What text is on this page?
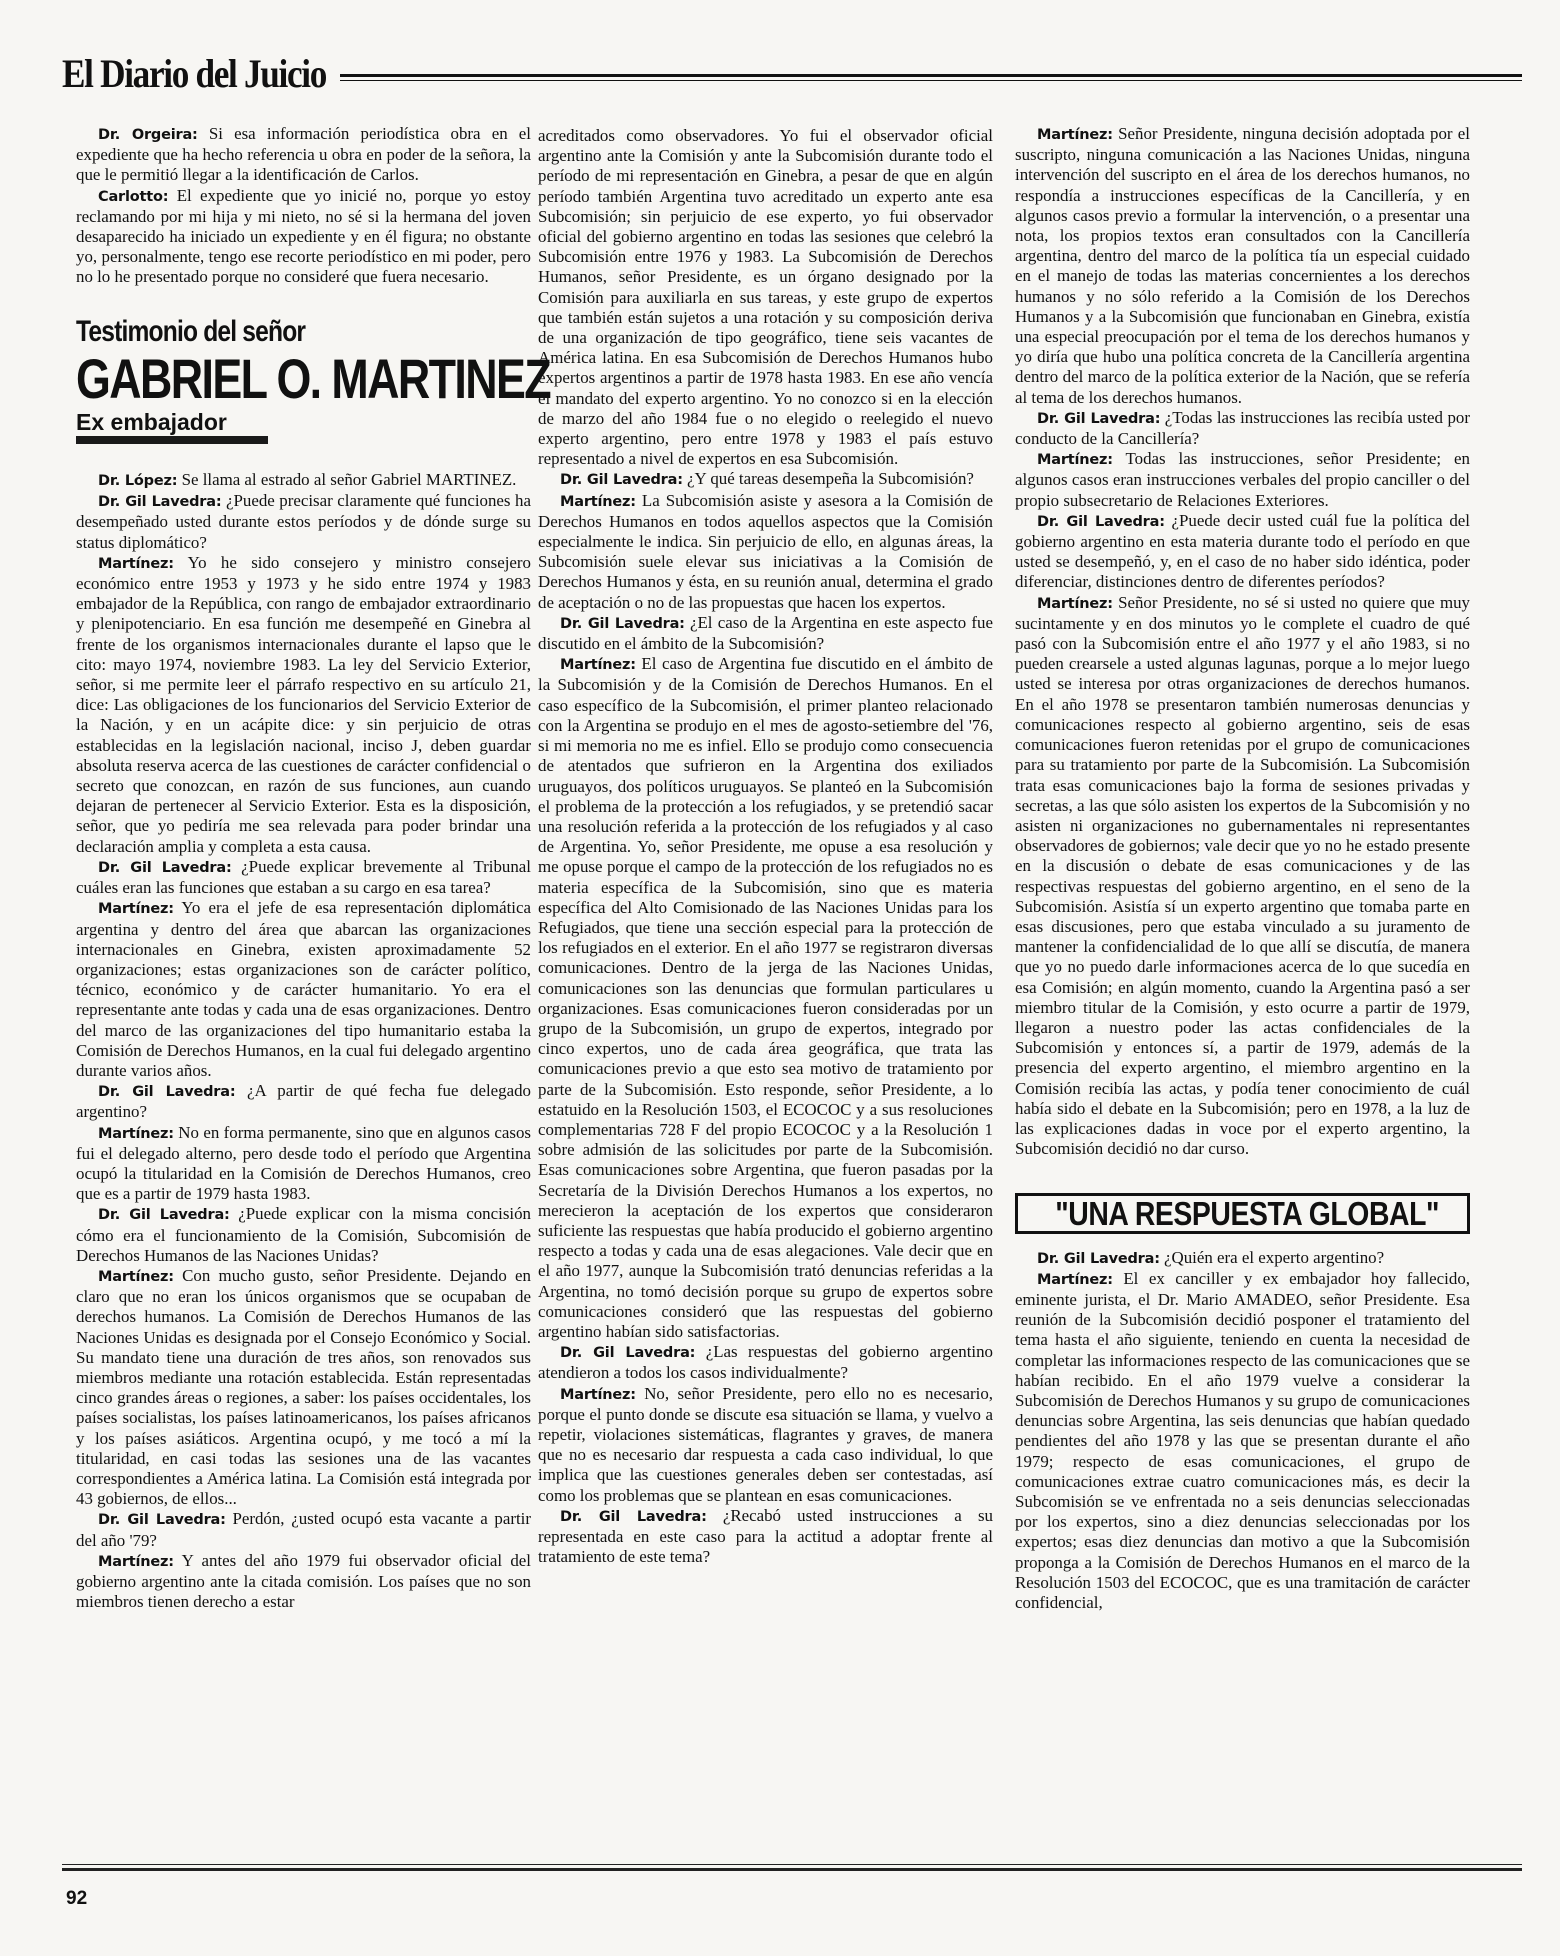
El Diario del Juicio

Dr. Orgeira: Si esa información periodística obra en el expediente que ha hecho referencia u obra en poder de la señora, la que le permitió llegar a la identificación de Carlos.

Carlotto: El expediente que yo inicié no, porque yo estoy reclamando por mi hija y mi nieto, no sé si la hermana del joven desaparecido ha iniciado un expediente y en él figura; no obstante yo, personalmente, tengo ese recorte periodístico en mi poder, pero no lo he presentado porque no consideré que fuera necesario.

Testimonio del señor
GABRIEL O. MARTINEZ
Ex embajador

Dr. López: Se llama al estrado al señor Gabriel MARTINEZ.

Dr. Gil Lavedra: ¿Puede precisar claramente qué funciones ha desempeñado usted durante estos períodos y de dónde surge su status diplomático?

Martínez: Yo he sido consejero y ministro consejero económico entre 1953 y 1973 y he sido entre 1974 y 1983 embajador de la República, con rango de embajador extraordinario y plenipotenciario. En esa función me desempeñé en Ginebra al frente de los organismos internacionales durante el lapso que le cito: mayo 1974, noviembre 1983. La ley del Servicio Exterior, señor, si me permite leer el párrafo respectivo en su artículo 21, dice: Las obligaciones de los funcionarios del Servicio Exterior de la Nación, y en un acápite dice: y sin perjuicio de otras establecidas en la legislación nacional, inciso J, deben guardar absoluta reserva acerca de las cuestiones de carácter confidencial o secreto que conozcan, en razón de sus funciones, aun cuando dejaran de pertenecer al Servicio Exterior. Esta es la disposición, señor, que yo pediría me sea relevada para poder brindar una declaración amplia y completa a esta causa.

Dr. Gil Lavedra: ¿Puede explicar brevemente al Tribunal cuáles eran las funciones que estaban a su cargo en esa tarea?

Martínez: Yo era el jefe de esa representación diplomática argentina y dentro del área que abarcan las organizaciones internacionales en Ginebra, existen aproximadamente 52 organizaciones; estas organizaciones son de carácter político, técnico, económico y de carácter humanitario. Yo era el representante ante todas y cada una de esas organizaciones. Dentro del marco de las organizaciones del tipo humanitario estaba la Comisión de Derechos Humanos, en la cual fui delegado argentino durante varios años.

Dr. Gil Lavedra: ¿A partir de qué fecha fue delegado argentino?

Martínez: No en forma permanente, sino que en algunos casos fui el delegado alterno, pero desde todo el período que Argentina ocupó la titularidad en la Comisión de Derechos Humanos, creo que es a partir de 1979 hasta 1983.

Dr. Gil Lavedra: ¿Puede explicar con la misma concisión cómo era el funcionamiento de la Comisión, Subcomisión de Derechos Humanos de las Naciones Unidas?

Martínez: Con mucho gusto, señor Presidente. Dejando en claro que no eran los únicos organismos que se ocupaban de derechos humanos. La Comisión de Derechos Humanos de las Naciones Unidas es designada por el Consejo Económico y Social. Su mandato tiene una duración de tres años, son renovados sus miembros mediante una rotación establecida. Están representadas cinco grandes áreas o regiones, a saber: los países occidentales, los países socialistas, los países latinoamericanos, los países africanos y los países asiáticos. Argentina ocupó, y me tocó a mí la titularidad, en casi todas las sesiones una de las vacantes correspondientes a América latina. La Comisión está integrada por 43 gobiernos, de ellos...

Dr. Gil Lavedra: Perdón, ¿usted ocupó esta vacante a partir del año '79?

Martínez: Y antes del año 1979 fui observador oficial del gobierno argentino ante la citada comisión. Los países que no son miembros tienen derecho a estar

acreditados como observadores. Yo fui el observador oficial argentino ante la Comisión y ante la Subcomisión durante todo el período de mi representación en Ginebra, a pesar de que en algún período también Argentina tuvo acreditado un experto ante esa Subcomisión; sin perjuicio de ese experto, yo fui observador oficial del gobierno argentino en todas las sesiones que celebró la Subcomisión entre 1976 y 1983. La Subcomisión de Derechos Humanos, señor Presidente, es un órgano designado por la Comisión para auxiliarla en sus tareas, y este grupo de expertos que también están sujetos a una rotación y su composición deriva de una organización de tipo geográfico, tiene seis vacantes de América latina. En esa Subcomisión de Derechos Humanos hubo expertos argentinos a partir de 1978 hasta 1983. En ese año vencía el mandato del experto argentino. Yo no conozco si en la elección de marzo del año 1984 fue o no elegido o reelegido el nuevo experto argentino, pero entre 1978 y 1983 el país estuvo representado a nivel de expertos en esa Subcomisión.

Dr. Gil Lavedra: ¿Y qué tareas desempeña la Subcomisión?

Martínez: La Subcomisión asiste y asesora a la Comisión de Derechos Humanos en todos aquellos aspectos que la Comisión especialmente le indica. Sin perjuicio de ello, en algunas áreas, la Subcomisión suele elevar sus iniciativas a la Comisión de Derechos Humanos y ésta, en su reunión anual, determina el grado de aceptación o no de las propuestas que hacen los expertos.

Dr. Gil Lavedra: ¿El caso de la Argentina en este aspecto fue discutido en el ámbito de la Subcomisión?

Martínez: El caso de Argentina fue discutido en el ámbito de la Subcomisión y de la Comisión de Derechos Humanos. En el caso específico de la Subcomisión, el primer planteo relacionado con la Argentina se produjo en el mes de agosto-setiembre del '76, si mi memoria no me es infiel. Ello se produjo como consecuencia de atentados que sufrieron en la Argentina dos exiliados uruguayos, dos políticos uruguayos. Se planteó en la Subcomisión el problema de la protección a los refugiados, y se pretendió sacar una resolución referida a la protección de los refugiados y al caso de Argentina. Yo, señor Presidente, me opuse a esa resolución y me opuse porque el campo de la protección de los refugiados no es materia específica de la Subcomisión, sino que es materia específica del Alto Comisionado de las Naciones Unidas para los Refugiados, que tiene una sección especial para la protección de los refugiados en el exterior. En el año 1977 se registraron diversas comunicaciones. Dentro de la jerga de las Naciones Unidas, comunicaciones son las denuncias que formulan particulares u organizaciones. Esas comunicaciones fueron consideradas por un grupo de la Subcomisión, un grupo de expertos, integrado por cinco expertos, uno de cada área geográfica, que trata las comunicaciones previo a que esto sea motivo de tratamiento por parte de la Subcomisión. Esto responde, señor Presidente, a lo estatuido en la Resolución 1503, el ECOCOC y a sus resoluciones complementarias 728 F del propio ECOCOC y a la Resolución 1 sobre admisión de las solicitudes por parte de la Subcomisión. Esas comunicaciones sobre Argentina, que fueron pasadas por la Secretaría de la División Derechos Humanos a los expertos, no merecieron la aceptación de los expertos que consideraron suficiente las respuestas que había producido el gobierno argentino respecto a todas y cada una de esas alegaciones. Vale decir que en el año 1977, aunque la Subcomisión trató denuncias referidas a la Argentina, no tomó decisión porque su grupo de expertos sobre comunicaciones consideró que las respuestas del gobierno argentino habían sido satisfactorias.

Dr. Gil Lavedra: ¿Las respuestas del gobierno argentino atendieron a todos los casos individualmente?

Martínez: No, señor Presidente, pero ello no es necesario, porque el punto donde se discute esa situación se llama, y vuelvo a repetir, violaciones sistemáticas, flagrantes y graves, de manera que no es necesario dar respuesta a cada caso individual, lo que implica que las cuestiones generales deben ser contestadas, así como los problemas que se plantean en esas comunicaciones.

Dr. Gil Lavedra: ¿Recabó usted instrucciones a su representada en este caso para la actitud a adoptar frente al tratamiento de este tema?

Martínez: Señor Presidente, ninguna decisión adoptada por el suscripto, ninguna comunicación a las Naciones Unidas, ninguna intervención del suscripto en el área de los derechos humanos, no respondía a instrucciones específicas de la Cancillería, y en algunos casos previo a formular la intervención, o a presentar una nota, los propios textos eran consultados con la Cancillería argentina, dentro del marco de la política tía un especial cuidado en el manejo de todas las materias concernientes a los derechos humanos y no sólo referido a la Comisión de los Derechos Humanos y a la Subcomisión que funcionaban en Ginebra, existía una especial preocupación por el tema de los derechos humanos y yo diría que hubo una política concreta de la Cancillería argentina dentro del marco de la política exterior de la Nación, que se refería al tema de los derechos humanos.

Dr. Gil Lavedra: ¿Todas las instrucciones las recibía usted por conducto de la Cancillería?

Martínez: Todas las instrucciones, señor Presidente; en algunos casos eran instrucciones verbales del propio canciller o del propio subsecretario de Relaciones Exteriores.

Dr. Gil Lavedra: ¿Puede decir usted cuál fue la política del gobierno argentino en esta materia durante todo el período en que usted se desempeñó, y, en el caso de no haber sido idéntica, poder diferenciar, distinciones dentro de diferentes períodos?

Martínez: Señor Presidente, no sé si usted no quiere que muy sucintamente y en dos minutos yo le complete el cuadro de qué pasó con la Subcomisión entre el año 1977 y el año 1983, si no pueden crearsele a usted algunas lagunas, porque a lo mejor luego usted se interesa por otras organizaciones de derechos humanos. En el año 1978 se presentaron también numerosas denuncias y comunicaciones respecto al gobierno argentino, seis de esas comunicaciones fueron retenidas por el grupo de comunicaciones para su tratamiento por parte de la Subcomisión. La Subcomisión trata esas comunicaciones bajo la forma de sesiones privadas y secretas, a las que sólo asisten los expertos de la Subcomisión y no asisten ni organizaciones no gubernamentales ni representantes observadores de gobiernos; vale decir que yo no he estado presente en la discusión o debate de esas comunicaciones y de las respectivas respuestas del gobierno argentino, en el seno de la Subcomisión. Asistía sí un experto argentino que tomaba parte en esas discusiones, pero que estaba vinculado a su juramento de mantener la confidencialidad de lo que allí se discutía, de manera que yo no puedo darle informaciones acerca de lo que sucedía en esa Comisión; en algún momento, cuando la Argentina pasó a ser miembro titular de la Comisión, y esto ocurre a partir de 1979, llegaron a nuestro poder las actas confidenciales de la Subcomisión y entonces sí, a partir de 1979, además de la presencia del experto argentino, el miembro argentino en la Comisión recibía las actas, y podía tener conocimiento de cuál había sido el debate en la Subcomisión; pero en 1978, a la luz de las explicaciones dadas in voce por el experto argentino, la Subcomisión decidió no dar curso.

"UNA RESPUESTA GLOBAL"

Dr. Gil Lavedra: ¿Quién era el experto argentino?

Martínez: El ex canciller y ex embajador hoy fallecido, eminente jurista, el Dr. Mario AMADEO, señor Presidente. Esa reunión de la Subcomisión decidió posponer el tratamiento del tema hasta el año siguiente, teniendo en cuenta la necesidad de completar las informaciones respecto de las comunicaciones que se habían recibido. En el año 1979 vuelve a considerar la Subcomisión de Derechos Humanos y su grupo de comunicaciones denuncias sobre Argentina, las seis denuncias que habían quedado pendientes del año 1978 y las que se presentan durante el año 1979; respecto de esas comunicaciones, el grupo de comunicaciones extrae cuatro comunicaciones más, es decir la Subcomisión se ve enfrentada no a seis denuncias seleccionadas por los expertos, sino a diez denuncias seleccionadas por los expertos; esas diez denuncias dan motivo a que la Subcomisión proponga a la Comisión de Derechos Humanos en el marco de la Resolución 1503 del ECOCOC, que es una tramitación de carácter confidencial,

92
